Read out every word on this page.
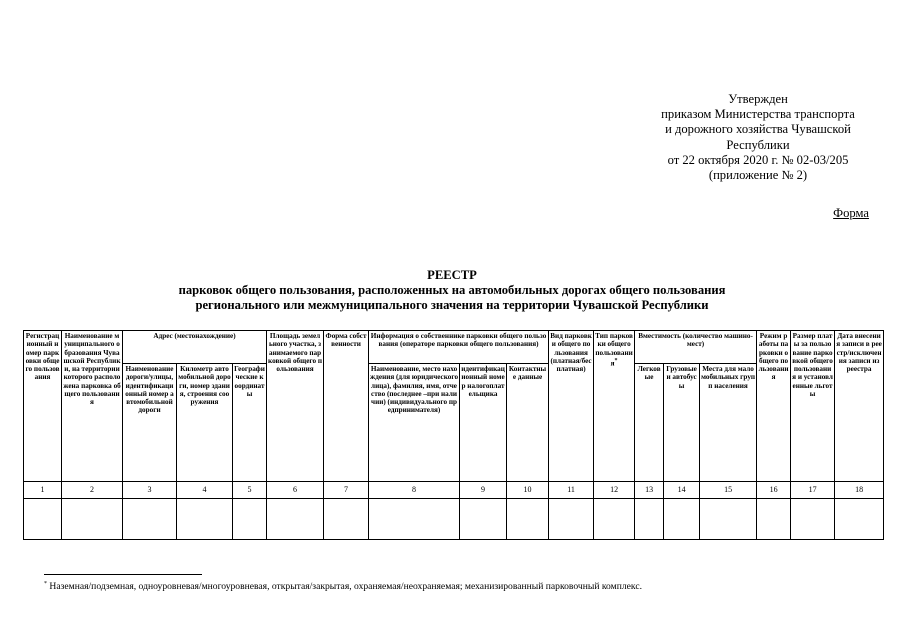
Утвержден
приказом Министерства транспорта
и дорожного хозяйства Чувашской
Республики
от 22 октября 2020 г. № 02-03/205
(приложение № 2)
Форма
РЕЕСТР
парковок общего пользования, расположенных на автомобильных дорогах общего пользования
регионального или межмуниципального значения на территории Чувашской Республики
Регистрационный номер парковки общего пользования	Наименование муниципального образования Чувашской Республики, на территории которого расположена парковка общего пользования	Адрес (местонахождение)			Площадь земельного участка, занимаемого парковкой общего пользования	Форма собственности	Информация о собственнике парковки общего пользования (операторе парковки общего пользования)			Вид парковки общего пользования (платная/бесплатная)	Тип парковки общего пользования*	Вместимость (количество машино-мест)			Режим работы парковки общего пользования	Размер платы за пользование парковкой общего пользования и установленные льготы	Дата внесения записи в реестр/исключения записи из реестра
		Наименование дороги/улицы, идентификационный номер автомобильной дороги	Километр автомобильной дороги, номер здания, строения сооружения	Географические координаты			Наименование, место нахождения (для юридического лица), фамилия, имя, отчество (последнее –при наличии) (индивидуального предпринимателя)	идентификационный номер налогоплательщика	Контактные данные			Легковые	Грузовые и автобусы	Места для маломобильных групп населения			
1	2	3	4	5	6	7	8	9	10	11	12	13	14	15	16	17	18

* Наземная/подземная, одноуровневая/многоуровневая, открытая/закрытая, охраняемая/неохраняемая; механизированный парковочный комплекс.
